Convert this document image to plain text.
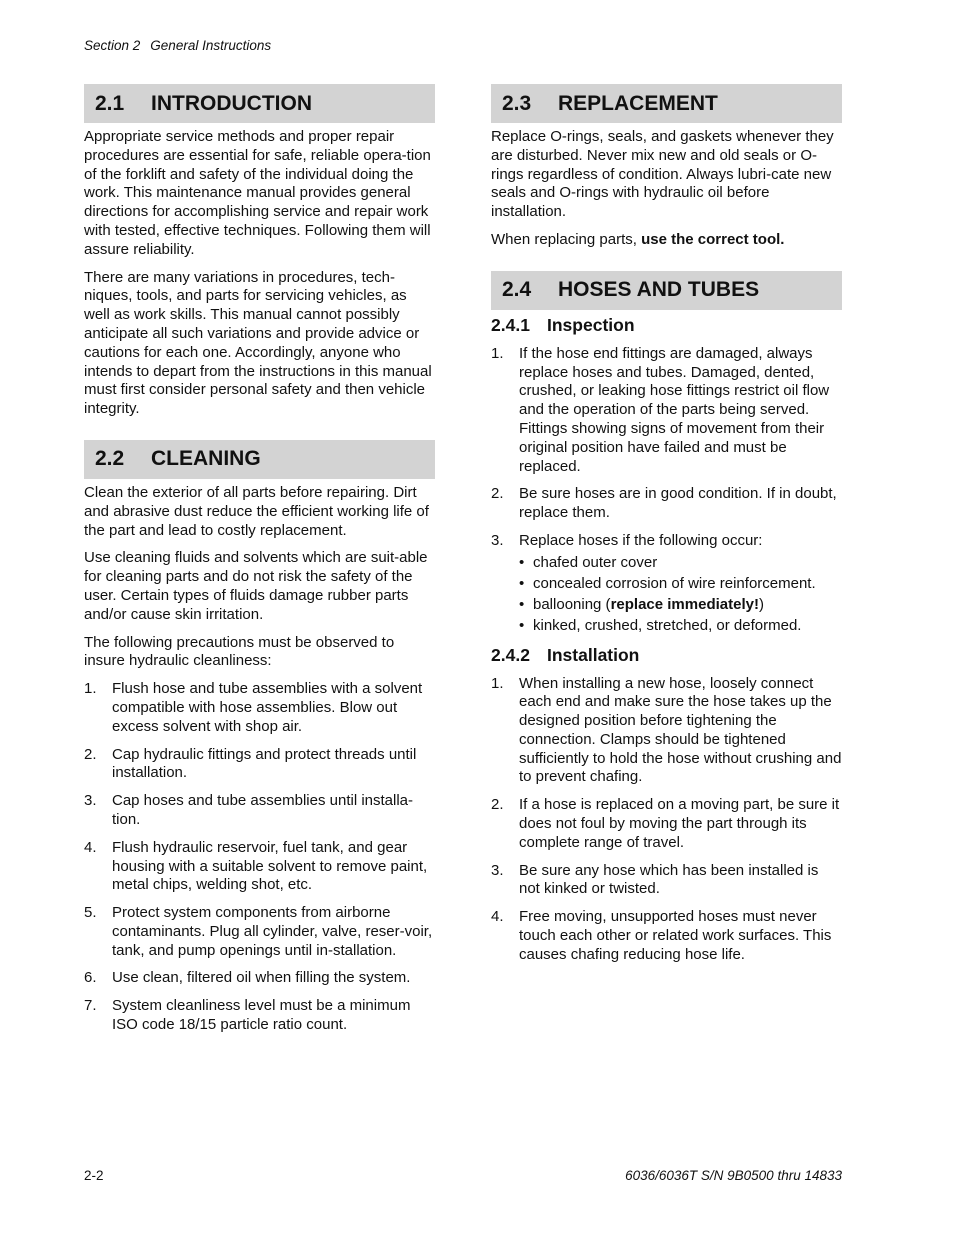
Section 2 General Instructions
2.1	INTRODUCTION

Appropriate service methods and proper repair procedures are essential for safe, reliable opera-tion of the forklift and safety of the individual doing the work. This maintenance manual provides general directions for accomplishing service and repair work with tested, effective techniques. Following them will assure reliability.

There are many variations in procedures, tech-niques, tools, and parts for servicing vehicles, as well as work skills. This manual cannot possibly anticipate all such variations and provide advice or cautions for each one. Accordingly, anyone who intends to depart from the instructions in this manual must first consider personal safety and then vehicle integrity.

2.2	CLEANING

Clean the exterior of all parts before repairing. Dirt and abrasive dust reduce the efficient working life of the part and lead to costly replacement.

Use cleaning fluids and solvents which are suit-able for cleaning parts and do not risk the safety of the user. Certain types of fluids damage rubber parts and/or cause skin irritation.

The following precautions must be observed to insure hydraulic cleanliness:

1. Flush hose and tube assemblies with a solvent compatible with hose assemblies. Blow out excess solvent with shop air.
2. Cap hydraulic fittings and protect threads until installation.
3. Cap hoses and tube assemblies until installa-tion.
4. Flush hydraulic reservoir, fuel tank, and gear housing with a suitable solvent to remove paint, metal chips, welding shot, etc.
5. Protect system components from airborne contaminants. Plug all cylinder, valve, reser-voir, tank, and pump openings until in-stallation.
6. Use clean, filtered oil when filling the system.
7. System cleanliness level must be a minimum ISO code 18/15 particle ratio count.
2.3	REPLACEMENT

Replace O-rings, seals, and gaskets whenever they are disturbed. Never mix new and old seals or O-rings regardless of condition. Always lubri-cate new seals and O-rings with hydraulic oil before installation.

When replacing parts, use the correct tool.

2.4	HOSES AND TUBES
2.4.1 Inspection
1. If the hose end fittings are damaged, always replace hoses and tubes. Damaged, dented, crushed, or leaking hose fittings restrict oil flow and the operation of the parts being served. Fittings showing signs of movement from their original position have failed and must be replaced.
2. Be sure hoses are in good condition. If in doubt, replace them.
3. Replace hoses if the following occur:
• chafed outer cover
• concealed corrosion of wire reinforcement.
• ballooning (replace immediately!)
• kinked, crushed, stretched, or deformed.
2.4.2 Installation
1. When installing a new hose, loosely connect each end and make sure the hose takes up the designed position before tightening the connection. Clamps should be tightened sufficiently to hold the hose without crushing and to prevent chafing.
2. If a hose is replaced on a moving part, be sure it does not foul by moving the part through its complete range of travel.
3. Be sure any hose which has been installed is not kinked or twisted.
4. Free moving, unsupported hoses must never touch each other or related work surfaces. This causes chafing reducing hose life.
2-2	6036/6036T S/N 9B0500 thru 14833
